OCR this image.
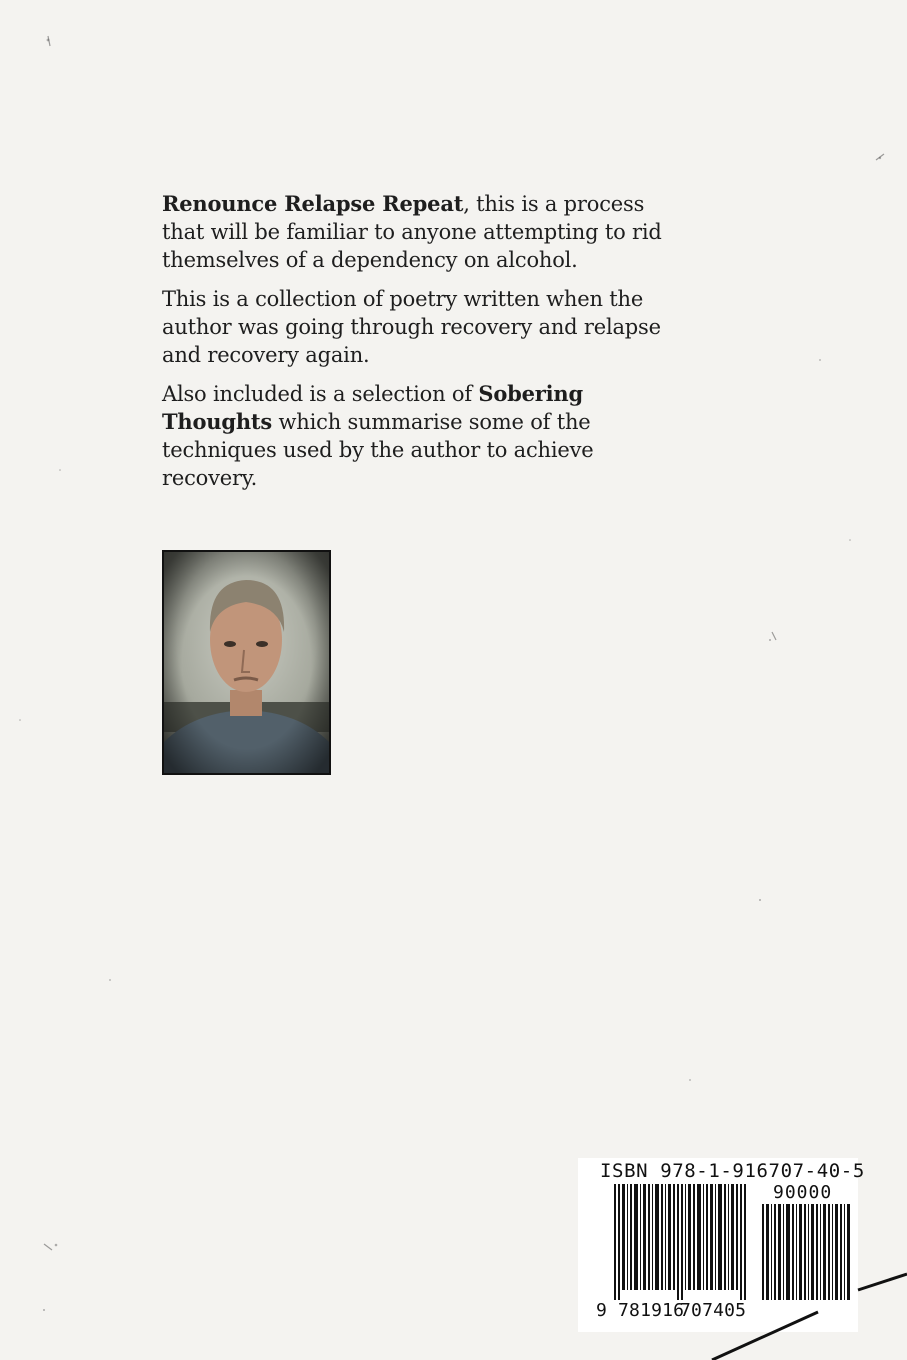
Renounce Relapse Repeat, this is a process that will be familiar to anyone attempting to rid themselves of a dependency on alcohol.

This is a collection of poetry written when the author was going through recovery and relapse and recovery again.

Also included is a selection of Sobering Thoughts which summarise some of the techniques used by the author to achieve recovery.

ISBN 978-1-916707-40-5
90000
9 781916
707405
